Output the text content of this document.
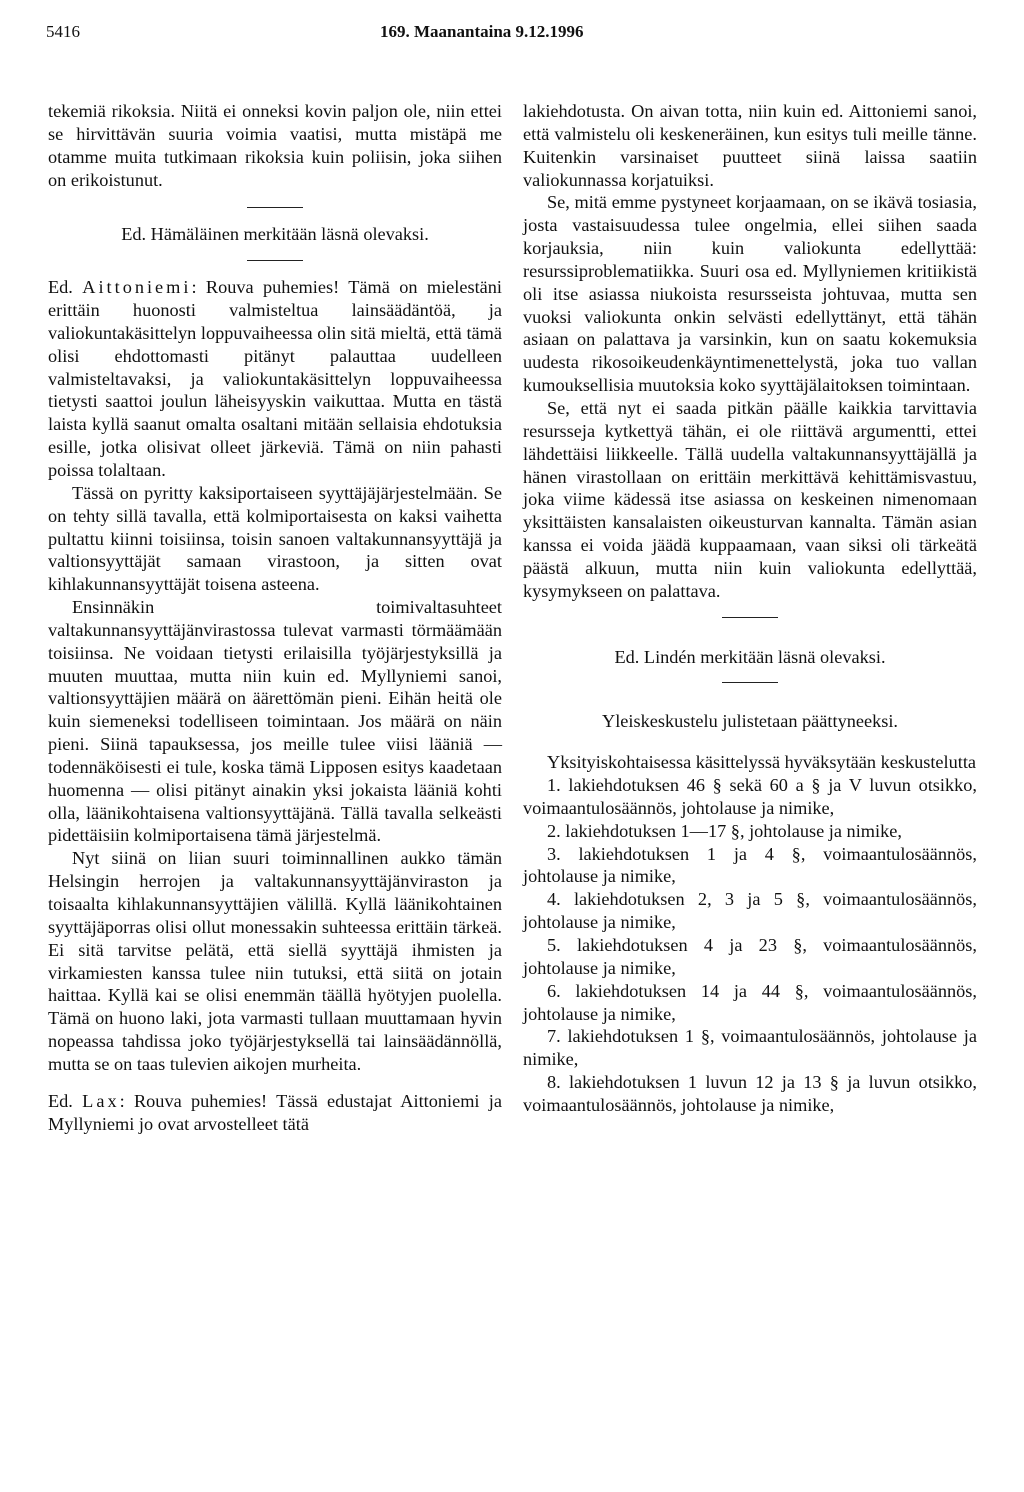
5416	169. Maanantaina 9.12.1996

tekemiä rikoksia. Niitä ei onneksi kovin paljon ole, niin ettei se hirvittävän suuria voimia vaatisi, mutta mistäpä me otamme muita tutkimaan rikoksia kuin poliisin, joka siihen on erikoistunut.

Ed. Hämäläinen merkitään läsnä olevaksi.

Ed. Aittoniemi: Rouva puhemies! Tämä on mielestäni erittäin huonosti valmisteltua lainsäädäntöä, ja valiokuntakäsittelyn loppuvaiheessa olin sitä mieltä, että tämä olisi ehdottomasti pitänyt palauttaa uudelleen valmisteltavaksi, ja valiokuntakäsittelyn loppuvaiheessa tietysti saattoi joulun läheisyyskin vaikuttaa. Mutta en tästä laista kyllä saanut omalta osaltani mitään sellaisia ehdotuksia esille, jotka olisivat olleet järkeviä. Tämä on niin pahasti poissa tolaltaan.

Tässä on pyritty kaksiportaiseen syyttäjäjärjestelmään. Se on tehty sillä tavalla, että kolmiportaisesta on kaksi vaihetta pultattu kiinni toisiinsa, toisin sanoen valtakunnansyyttäjä ja valtionsyyttäjät samaan virastoon, ja sitten ovat kihlakunnansyyttäjät toisena asteena.

Ensinnäkin toimivaltasuhteet valtakunnansyyttäjänvirastossa tulevat varmasti törmäämään toisiinsa. Ne voidaan tietysti erilaisilla työjärjestyksillä ja muuten muuttaa, mutta niin kuin ed. Myllyniemi sanoi, valtionsyyttäjien määrä on äärettömän pieni. Eihän heitä ole kuin siemeneksi todelliseen toimintaan. Jos määrä on näin pieni. Siinä tapauksessa, jos meille tulee viisi lääniä — todennäköisesti ei tule, koska tämä Lipposen esitys kaadetaan huomenna — olisi pitänyt ainakin yksi jokaista lääniä kohti olla, läänikohtaisena valtionsyyttäjänä. Tällä tavalla selkeästi pidettäisiin kolmiportaisena tämä järjestelmä.

Nyt siinä on liian suuri toiminnallinen aukko tämän Helsingin herrojen ja valtakunnansyyttäjänviraston ja toisaalta kihlakunnansyyttäjien välillä. Kyllä läänikohtainen syyttäjäporras olisi ollut monessakin suhteessa erittäin tärkeä. Ei sitä tarvitse pelätä, että siellä syyttäjä ihmisten ja virkamiesten kanssa tulee niin tutuksi, että siitä on jotain haittaa. Kyllä kai se olisi enemmän täällä hyötyjen puolella. Tämä on huono laki, jota varmasti tullaan muuttamaan hyvin nopeassa tahdissa joko työjärjestyksellä tai lainsäädännöllä, mutta se on taas tulevien aikojen murheita.

Ed. Lax: Rouva puhemies! Tässä edustajat Aittoniemi ja Myllyniemi jo ovat arvostelleet tätä

lakiehdotusta. On aivan totta, niin kuin ed. Aittoniemi sanoi, että valmistelu oli keskeneräinen, kun esitys tuli meille tänne. Kuitenkin varsinaiset puutteet siinä laissa saatiin valiokunnassa korjatuiksi.

Se, mitä emme pystyneet korjaamaan, on se ikävä tosiasia, josta vastaisuudessa tulee ongelmia, ellei siihen saada korjauksia, niin kuin valiokunta edellyttää: resurssiproblematiikka. Suuri osa ed. Myllyniemen kritiikistä oli itse asiassa niukoista resursseista johtuvaa, mutta sen vuoksi valiokunta onkin selvästi edellyttänyt, että tähän asiaan on palattava ja varsinkin, kun on saatu kokemuksia uudesta rikosoikeudenkäyntimenettelystä, joka tuo vallan kumouksellisia muutoksia koko syyttäjälaitoksen toimintaan.

Se, että nyt ei saada pitkän päälle kaikkia tarvittavia resursseja kytkettyä tähän, ei ole riittävä argumentti, ettei lähdettäisi liikkeelle. Tällä uudella valtakunnansyyttäjällä ja hänen virastollaan on erittäin merkittävä kehittämisvastuu, joka viime kädessä itse asiassa on keskeinen nimenomaan yksittäisten kansalaisten oikeusturvan kannalta. Tämän asian kanssa ei voida jäädä kuppaamaan, vaan siksi oli tärkeätä päästä alkuun, mutta niin kuin valiokunta edellyttää, kysymykseen on palattava.

Ed. Lindén merkitään läsnä olevaksi.

Yleiskeskustelu julistetaan päättyneeksi.

Yksityiskohtaisessa käsittelyssä hyväksytään keskustelutta

1. lakiehdotuksen 46 § sekä 60 a § ja V luvun otsikko, voimaantulosäännös, johtolause ja nimike,

2. lakiehdotuksen 1—17 §, johtolause ja nimike,

3. lakiehdotuksen 1 ja 4 §, voimaantulosäännös, johtolause ja nimike,

4. lakiehdotuksen 2, 3 ja 5 §, voimaantulosäännös, johtolause ja nimike,

5. lakiehdotuksen 4 ja 23 §, voimaantulosäännös, johtolause ja nimike,

6. lakiehdotuksen 14 ja 44 §, voimaantulosäännös, johtolause ja nimike,

7. lakiehdotuksen 1 §, voimaantulosäännös, johtolause ja nimike,

8. lakiehdotuksen 1 luvun 12 ja 13 § ja luvun otsikko, voimaantulosäännös, johtolause ja nimike,
